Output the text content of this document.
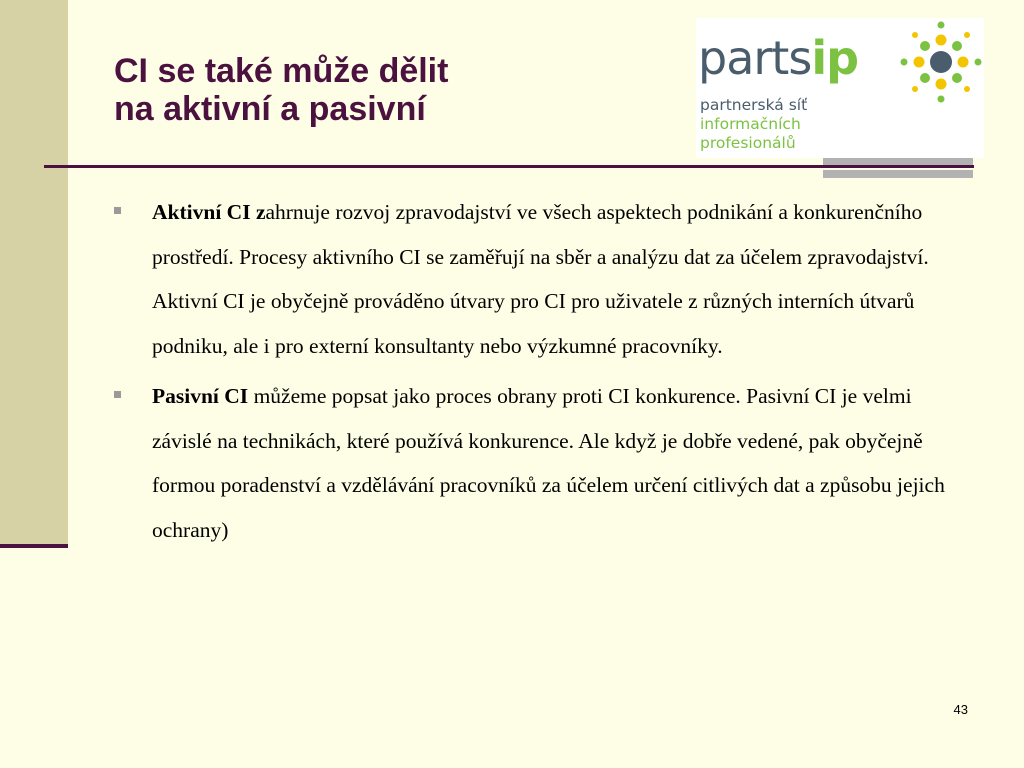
CI se také může dělit
na aktivní a pasivní
partsip
partnerská síť
informačních
profesionálů
Aktivní CI zahrnuje rozvoj zpravodajství ve všech aspektech podnikání a konkurenčního prostředí. Procesy aktivního CI se zaměřují na sběr a analýzu dat za účelem zpravodajství. Aktivní CI je obyčejně prováděno útvary pro CI pro uživatele z různých interních útvarů podniku, ale i pro externí konsultanty nebo výzkumné pracovníky.
Pasivní CI můžeme popsat jako proces obrany proti CI konkurence. Pasivní CI je velmi závislé na technikách, které používá konkurence. Ale když je dobře vedené, pak obyčejně formou poradenství a vzdělávání pracovníků za účelem určení citlivých dat a způsobu jejich ochrany)
43
